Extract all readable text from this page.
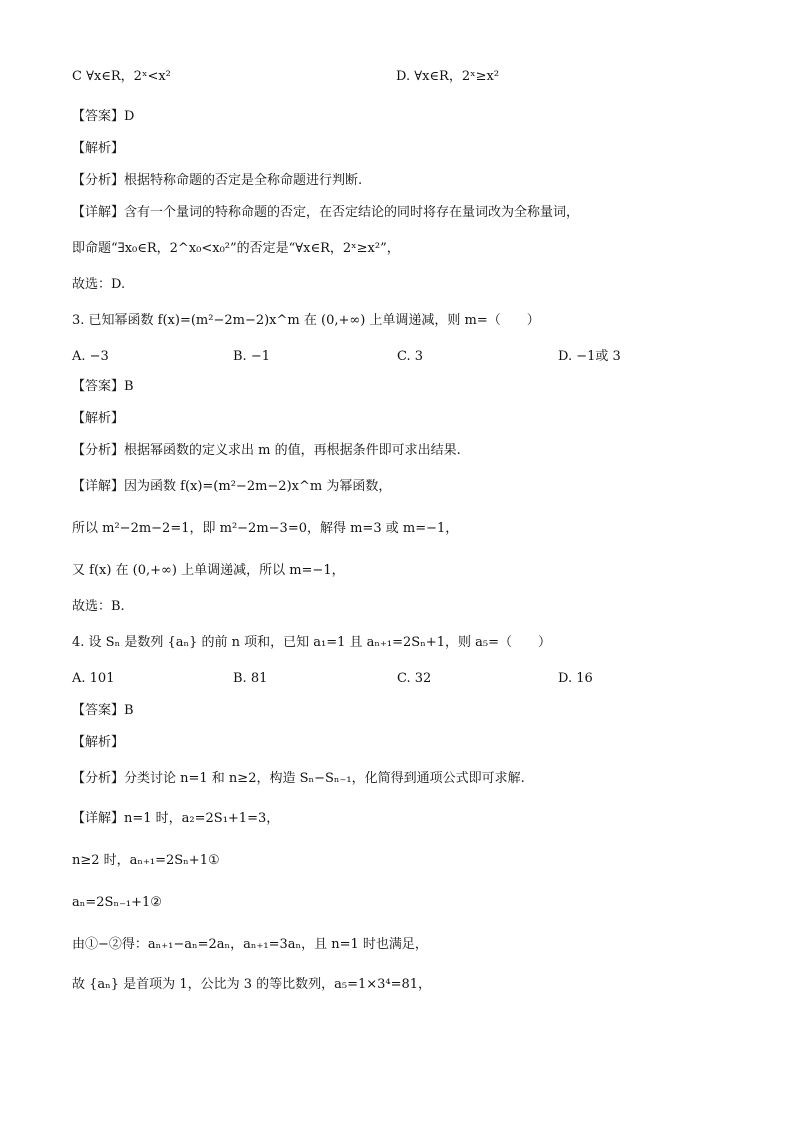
C ∀x∈R，2ˣ<x²	D. ∀x∈R，2ˣ≥x²
【答案】D
【解析】
【分析】根据特称命题的否定是全称命题进行判断.
【详解】含有一个量词的特称命题的否定，在否定结论的同时将存在量词改为全称量词，
即命题“∃x₀∈R，2^x₀<x₀²”的否定是“∀x∈R，2ˣ≥x²”，
故选：D.
3. 已知幂函数 f(x)=(m²−2m−2)x^m 在 (0,+∞) 上单调递减，则 m=（　　）
A. −3	B. −1	C. 3	D. −1或 3
【答案】B
【解析】
【分析】根据幂函数的定义求出 m 的值，再根据条件即可求出结果.
【详解】因为函数 f(x)=(m²−2m−2)x^m 为幂函数，
所以 m²−2m−2=1，即 m²−2m−3=0，解得 m=3 或 m=−1，
又 f(x) 在 (0,+∞) 上单调递减，所以 m=−1，
故选：B.
4. 设 Sₙ 是数列 {aₙ} 的前 n 项和，已知 a₁=1 且 aₙ₊₁=2Sₙ+1，则 a₅=（　　）
A. 101	B. 81	C. 32	D. 16
【答案】B
【解析】
【分析】分类讨论 n=1 和 n≥2，构造 Sₙ−Sₙ₋₁，化简得到通项公式即可求解.
【详解】n=1 时，a₂=2S₁+1=3，
n≥2 时，aₙ₊₁=2Sₙ+1①
aₙ=2Sₙ₋₁+1②
由①−②得：aₙ₊₁−aₙ=2aₙ，aₙ₊₁=3aₙ，且 n=1 时也满足，
故 {aₙ} 是首项为 1，公比为 3 的等比数列，a₅=1×3⁴=81，
